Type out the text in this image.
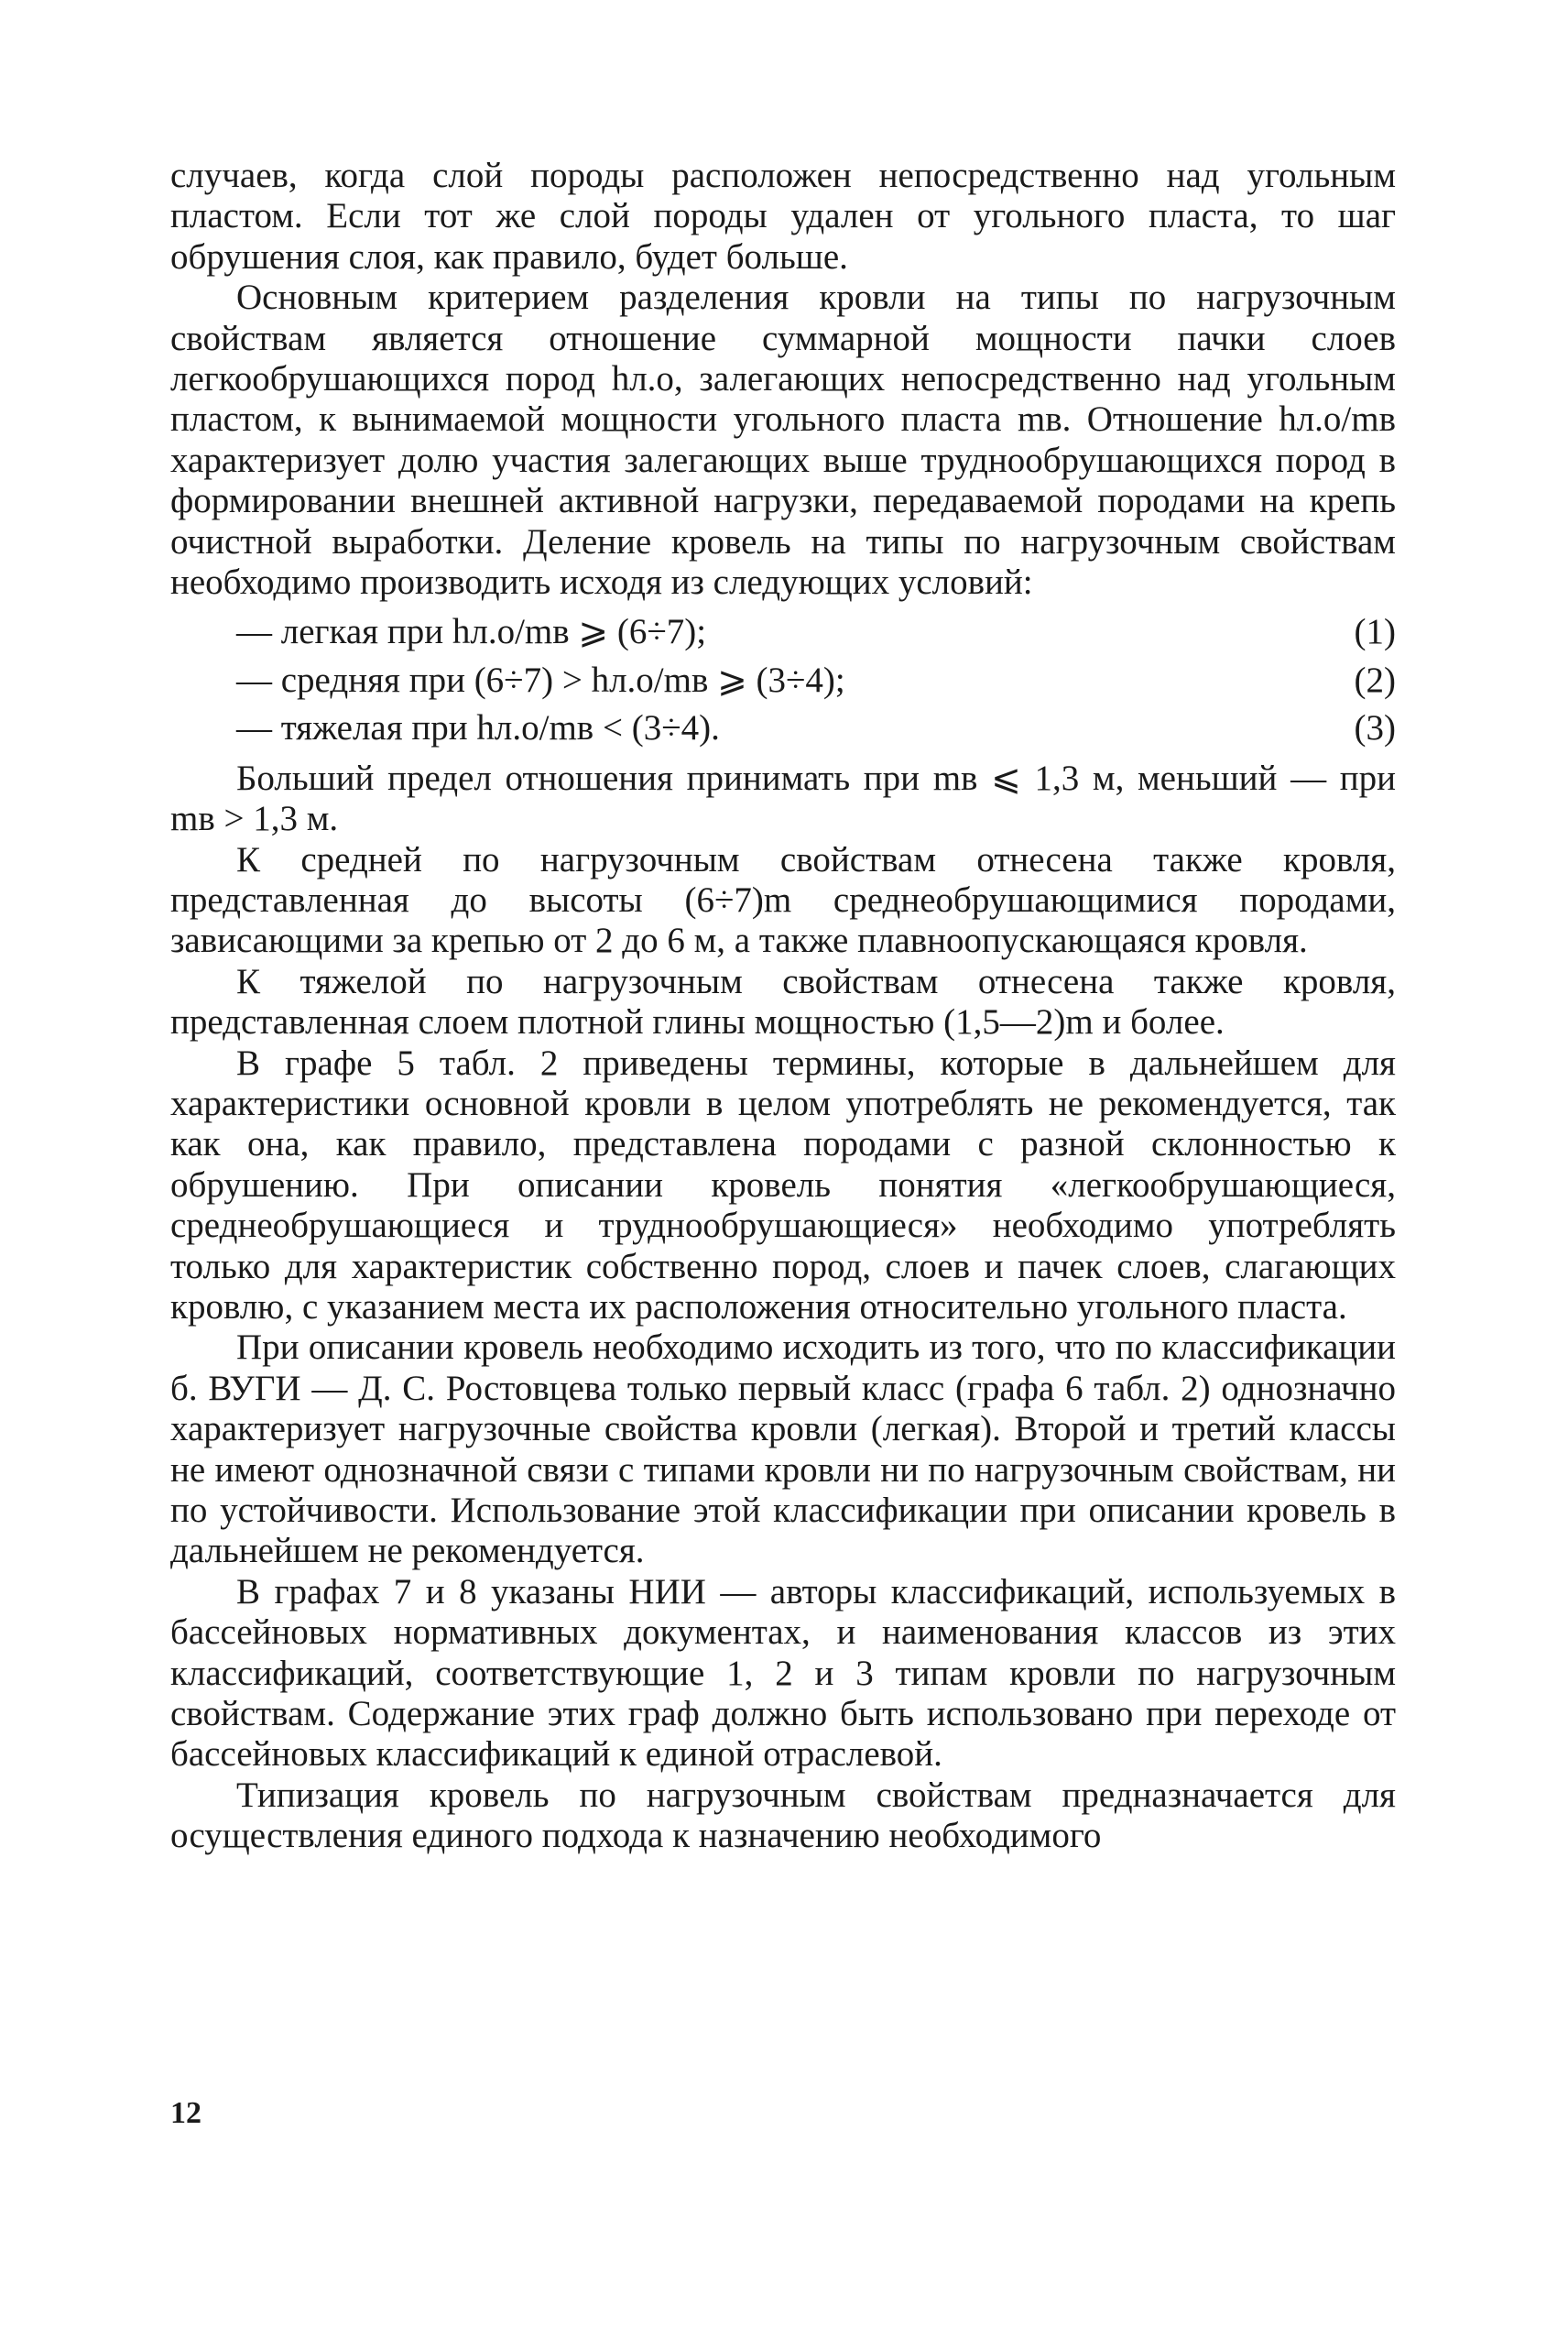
случаев, когда слой породы расположен непосредственно над угольным пластом. Если тот же слой породы удален от угольного пласта, то шаг обрушения слоя, как правило, будет больше.

Основным критерием разделения кровли на типы по нагрузочным свойствам является отношение суммарной мощности пачки слоев легкообрушающихся пород hл.о, залегающих непосредственно над угольным пластом, к вынимаемой мощности угольного пласта mв. Отношение hл.о/mв характеризует долю участия залегающих выше труднообрушающихся пород в формировании внешней активной нагрузки, передаваемой породами на крепь очистной выработки. Деление кровель на типы по нагрузочным свойствам необходимо производить исходя из следующих условий:

— легкая при hл.о/mв ⩾ (6÷7);	(1)
— средняя при (6÷7) > hл.о/mв ⩾ (3÷4);	(2)
— тяжелая при hл.о/mв < (3÷4).	(3)

Больший предел отношения принимать при mв ⩽ 1,3 м, меньший — при mв > 1,3 м.

К средней по нагрузочным свойствам отнесена также кровля, представленная до высоты (6÷7)m среднеобрушающимися породами, зависающими за крепью от 2 до 6 м, а также плавноопускающаяся кровля.

К тяжелой по нагрузочным свойствам отнесена также кровля, представленная слоем плотной глины мощностью (1,5—2)m и более.

В графе 5 табл. 2 приведены термины, которые в дальнейшем для характеристики основной кровли в целом употреблять не рекомендуется, так как она, как правило, представлена породами с разной склонностью к обрушению. При описании кровель понятия «легкообрушающиеся, среднеобрушающиеся и труднообрушающиеся» необходимо употреблять только для характеристик собственно пород, слоев и пачек слоев, слагающих кровлю, с указанием места их расположения относительно угольного пласта.

При описании кровель необходимо исходить из того, что по классификации б. ВУГИ — Д. С. Ростовцева только первый класс (графа 6 табл. 2) однозначно характеризует нагрузочные свойства кровли (легкая). Второй и третий классы не имеют однозначной связи с типами кровли ни по нагрузочным свойствам, ни по устойчивости. Использование этой классификации при описании кровель в дальнейшем не рекомендуется.

В графах 7 и 8 указаны НИИ — авторы классификаций, используемых в бассейновых нормативных документах, и наименования классов из этих классификаций, соответствующие 1, 2 и 3 типам кровли по нагрузочным свойствам. Содержание этих граф должно быть использовано при переходе от бассейновых классификаций к единой отраслевой.

Типизация кровель по нагрузочным свойствам предназначается для осуществления единого подхода к назначению необходимого

12
